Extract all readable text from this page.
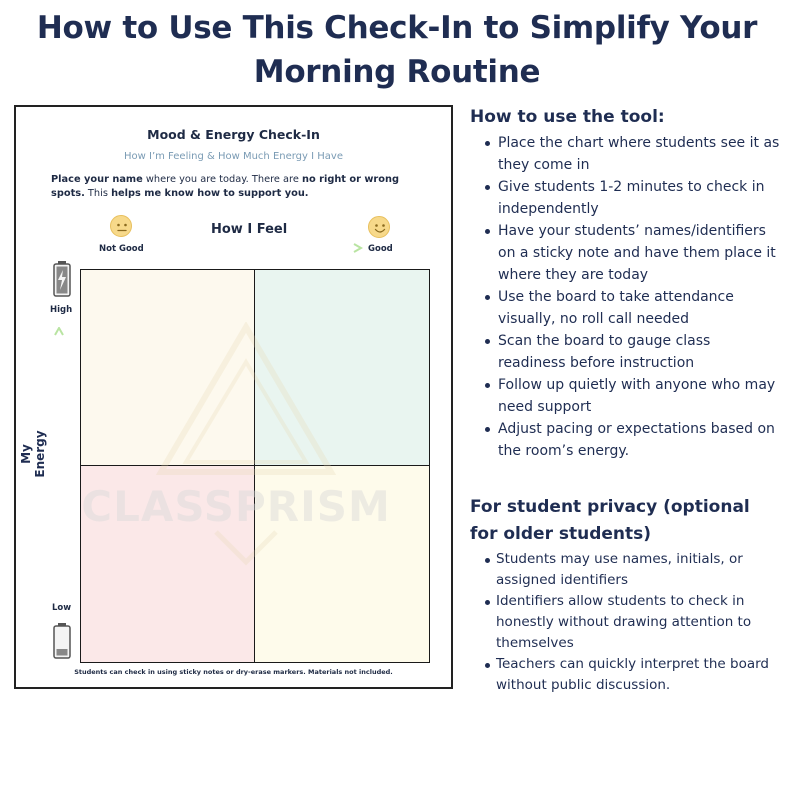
How to Use This Check-In to Simplify Your
Morning Routine
Mood & Energy Check-In
How I’m Feeling & How Much Energy I Have
Place your name where you are today. There are no right or wrong spots. This helps me know how to support you.
Not Good
How I Feel
Good
High
My Energy
Low
CLASSPRISM
Students can check in using sticky notes or dry-erase markers. Materials not included.
How to use the tool:
Place the chart where students see it as they come in
Give students 1-2 minutes to check in independently
Have your students’ names/identifiers on a sticky note and have them place it where they are today
Use the board to take attendance visually, no roll call needed
Scan the board to gauge class readiness before instruction
Follow up quietly with anyone who may need support
Adjust pacing or expectations based on the room’s energy.
For student privacy (optional for older students)
Students may use names, initials, or assigned identifiers
Identifiers allow students to check in honestly without drawing attention to themselves
Teachers can quickly interpret the board without public discussion.
